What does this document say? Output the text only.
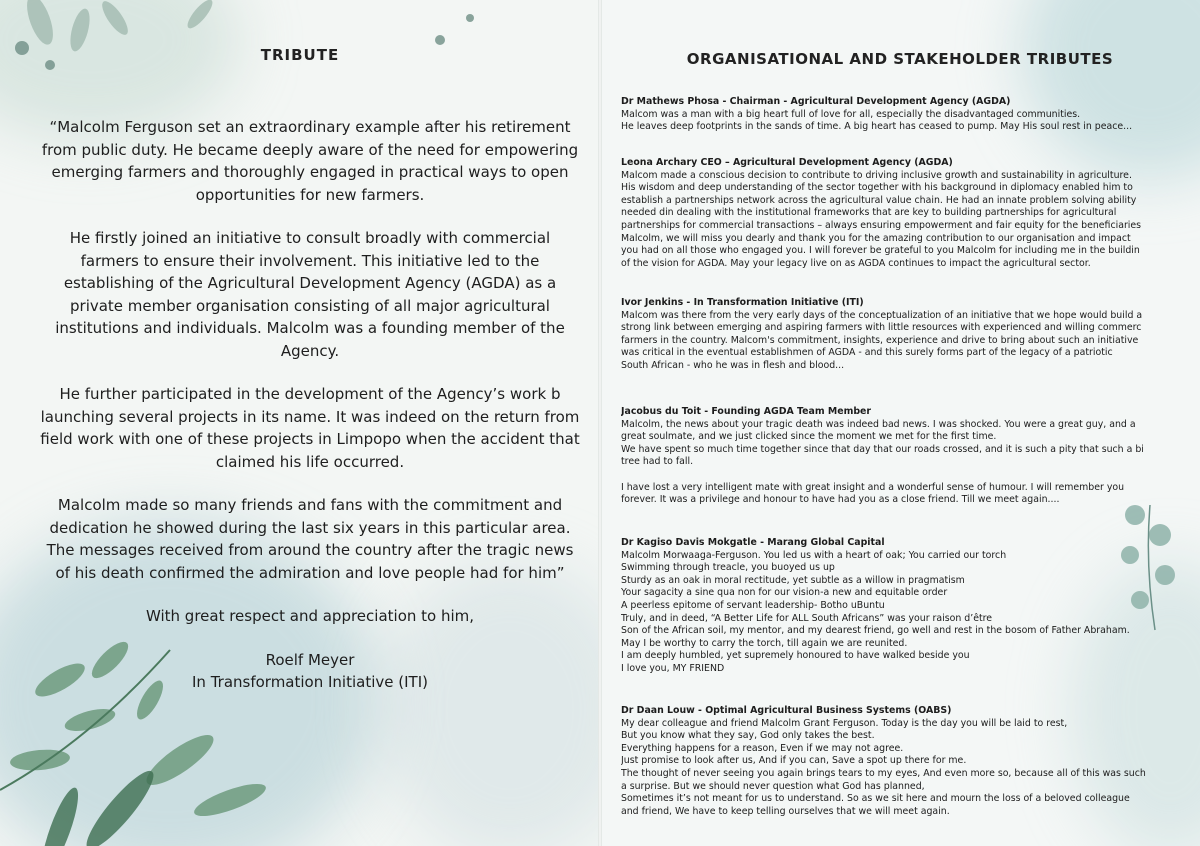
TRIBUTE

“Malcolm Ferguson set an extraordinary example after his retirement from public duty. He became deeply aware of the need for empowering emerging farmers and thoroughly engaged in practical ways to open opportunities for new farmers.

He firstly joined an initiative to consult broadly with commercial farmers to ensure their involvement. This initiative led to the establishing of the Agricultural Development Agency (AGDA) as a private member organisation consisting of all major agricultural institutions and individuals. Malcolm was a founding member of the Agency.

He further participated in the development of the Agency’s work b launching several projects in its name. It was indeed on the return from field work with one of these projects in Limpopo when the accident that claimed his life occurred.

Malcolm made so many friends and fans with the commitment and dedication he showed during the last six years in this particular area. The messages received from around the country after the tragic news of his death confirmed the admiration and love people had for him”

With great respect and appreciation to him,

Roelf Meyer
In Transformation Initiative (ITI)
ORGANISATIONAL AND STAKEHOLDER TRIBUTES
Dr Mathews Phosa - Chairman - Agricultural Development Agency (AGDA)
Malcom was a man with a big heart full of love for all, especially the disadvantaged communities.
He leaves deep footprints in the sands of time. A big heart has ceased to pump. May His soul rest in peace...
Leona Archary CEO – Agricultural Development Agency (AGDA)
Malcom made a conscious decision to contribute to driving inclusive growth and sustainability in agriculture.
His wisdom and deep understanding of the sector together with his background in diplomacy enabled him to
establish a partnerships network across the agricultural value chain. He had an innate problem solving ability
needed din dealing with the institutional frameworks that are key to building partnerships for agricultural
partnerships for commercial transactions – always ensuring empowerment and fair equity for the beneficiaries
Malcolm, we will miss you dearly and thank you for the amazing contribution to our organisation and impact
you had on all those who engaged you. I will forever be grateful to you Malcolm for including me in the buildin
of the vision for AGDA. May your legacy live on as AGDA continues to impact the agricultural sector.
Ivor Jenkins - In Transformation Initiative (ITI)
Malcom was there from the very early days of the conceptualization of an initiative that we hope would build a
strong link between emerging and aspiring farmers with little resources with experienced and willing commerc
farmers in the country. Malcom's commitment, insights, experience and drive to bring about such an initiative
was critical in the eventual establishmen of AGDA - and this surely forms part of the legacy of a patriotic
South African - who he was in flesh and blood...
Jacobus du Toit - Founding AGDA Team Member
Malcolm, the news about your tragic death was indeed bad news. I was shocked. You were a great guy, and a
great soulmate, and we just clicked since the moment we met for the first time.
We have spent so much time together since that day that our roads crossed, and it is such a pity that such a bi
tree had to fall.
I have lost a very intelligent mate with great insight and a wonderful sense of humour. I will remember you
forever. It was a privilege and honour to have had you as a close friend. Till we meet again....
Dr Kagiso Davis Mokgatle - Marang Global Capital
Malcolm Morwaaga-Ferguson. You led us with a heart of oak; You carried our torch
Swimming through treacle, you buoyed us up
Sturdy as an oak in moral rectitude, yet subtle as a willow in pragmatism
Your sagacity a sine qua non for our vision-a new and equitable order
A peerless epitome of servant leadership- Botho uBuntu
Truly, and in deed, “A Better Life for ALL South Africans” was your raison d’être
Son of the African soil, my mentor, and my dearest friend, go well and rest in the bosom of Father Abraham.
May I be worthy to carry the torch, till again we are reunited.
I am deeply humbled, yet supremely honoured to have walked beside you
I love you, MY FRIEND
Dr Daan Louw - Optimal Agricultural Business Systems (OABS)
My dear colleague and friend Malcolm Grant Ferguson. Today is the day you will be laid to rest,
But you know what they say, God only takes the best.
Everything happens for a reason, Even if we may not agree.
Just promise to look after us, And if you can, Save a spot up there for me.
The thought of never seeing you again brings tears to my eyes, And even more so, because all of this was such
a surprise. But we should never question what God has planned,
Sometimes it’s not meant for us to understand. So as we sit here and mourn the loss of a beloved colleague
and friend, We have to keep telling ourselves that we will meet again.
